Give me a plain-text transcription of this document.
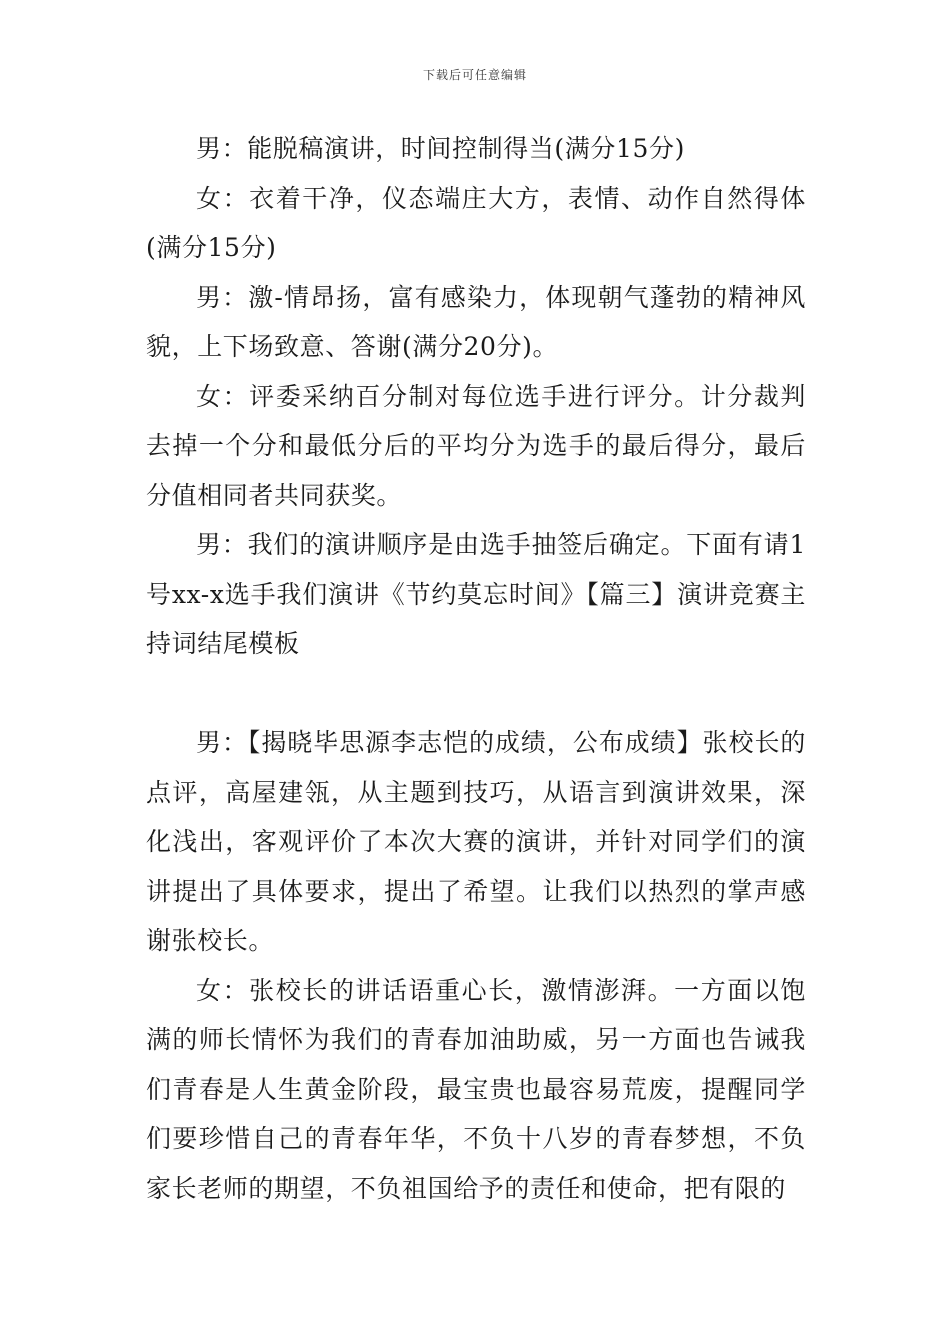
下载后可任意编辑

男：能脱稿演讲，时间控制得当(满分15分)

女：衣着干净，仪态端庄大方，表情、动作自然得体(满分15分)

男：激-情昂扬，富有感染力，体现朝气蓬勃的精神风貌，上下场致意、答谢(满分20分)。

女：评委采纳百分制对每位选手进行评分。计分裁判去掉一个分和最低分后的平均分为选手的最后得分，最后分值相同者共同获奖。

男：我们的演讲顺序是由选手抽签后确定。下面有请1号xx-x选手我们演讲《节约莫忘时间》【篇三】演讲竞赛主持词结尾模板

男：【揭晓毕思源李志恺的成绩，公布成绩】张校长的点评，高屋建瓴，从主题到技巧，从语言到演讲效果，深化浅出，客观评价了本次大赛的演讲，并针对同学们的演讲提出了具体要求，提出了希望。让我们以热烈的掌声感谢张校长。

女：张校长的讲话语重心长，激情澎湃。一方面以饱满的师长情怀为我们的青春加油助威，另一方面也告诫我们青春是人生黄金阶段，最宝贵也最容易荒废，提醒同学们要珍惜自己的青春年华，不负十八岁的青春梦想，不负家长老师的期望，不负祖国给予的责任和使命，把有限的
